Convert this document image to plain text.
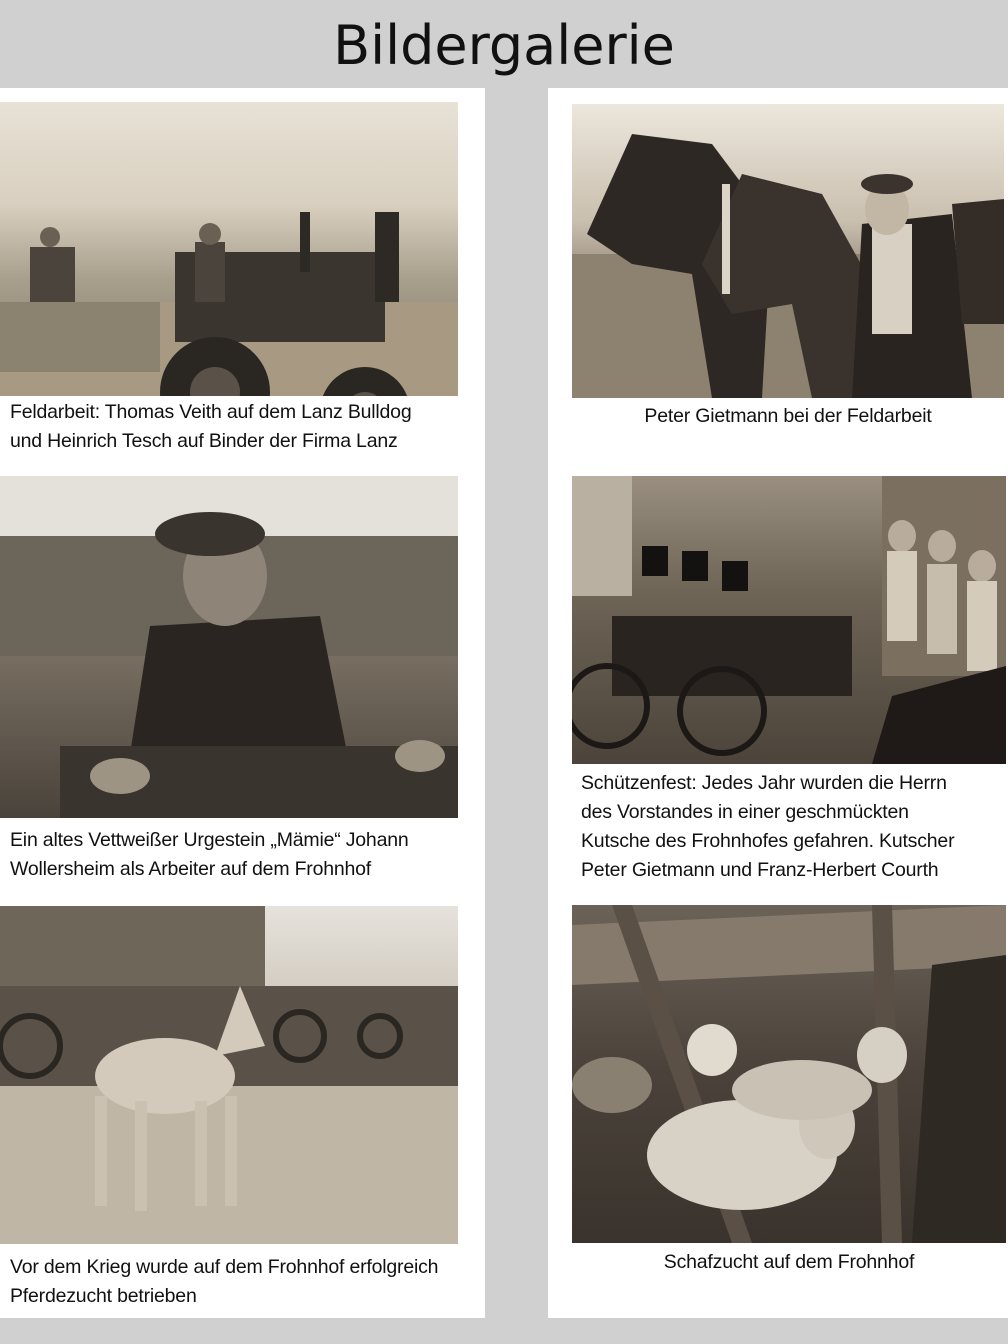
Bildergalerie
Feldarbeit: Thomas Veith auf dem Lanz Bulldog
und Heinrich Tesch auf Binder der Firma Lanz
Ein altes Vettweißer Urgestein „Mämie“ Johann
Wollersheim als Arbeiter auf dem Frohnhof
Vor dem Krieg wurde auf dem Frohnhof erfolgreich
Pferdezucht betrieben
Peter Gietmann bei der Feldarbeit
Schützenfest: Jedes Jahr wurden die Herrn
des Vorstandes in einer geschmückten
Kutsche des Frohnhofes gefahren. Kutscher
Peter Gietmann und Franz-Herbert Courth
Schafzucht auf dem Frohnhof
